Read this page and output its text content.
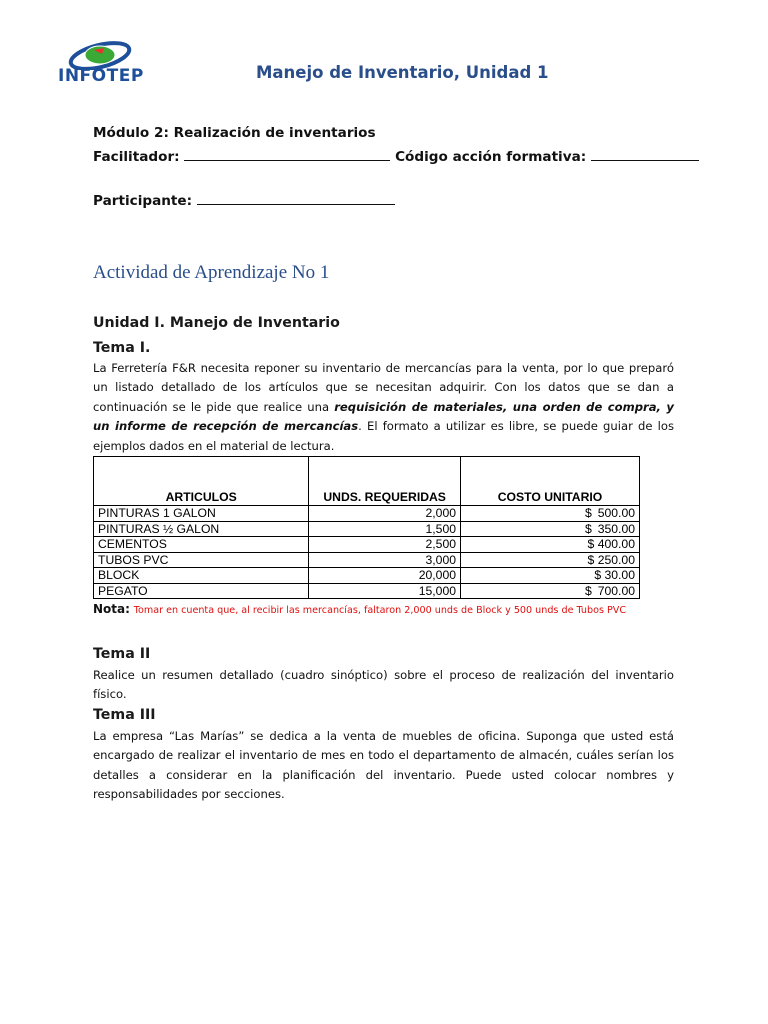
INFOTEP	Manejo de Inventario, Unidad 1
Módulo 2: Realización de inventarios
Facilitador:	Código acción formativa:
Participante:
Actividad de Aprendizaje No 1
Unidad I. Manejo de Inventario
Tema I.
La Ferretería F&R necesita reponer su inventario de mercancías para la venta, por lo que preparó un listado detallado de los artículos que se necesitan adquirir. Con los datos que se dan a continuación se le pide que realice una requisición de materiales, una orden de compra, y un informe de recepción de mercancías. El formato a utilizar es libre, se puede guiar de los ejemplos dados en el material de lectura.
ARTICULOS	UNDS. REQUERIDAS	COSTO UNITARIO
PINTURAS 1 GALON	2,000	$ 500.00

PINTURAS ½ GALON	1,500	$ 350.00

CEMENTOS	2,500	$ 400.00
TUBOS PVC	3,000	$ 250.00
BLOCK	20,000	$ 30.00
PEGATO	15,000	$ 700.00
Nota: Tomar en cuenta que, al recibir las mercancías, faltaron 2,000 unds de Block y 500 unds de Tubos PVC
Tema II
Realice un resumen detallado (cuadro sinóptico) sobre el proceso de realización del inventario físico.
Tema III
La empresa “Las Marías” se dedica a la venta de muebles de oficina. Suponga que usted está encargado de realizar el inventario de mes en todo el departamento de almacén, cuáles serían los detalles a considerar en la planificación del inventario. Puede usted colocar nombres y responsabilidades por secciones.
